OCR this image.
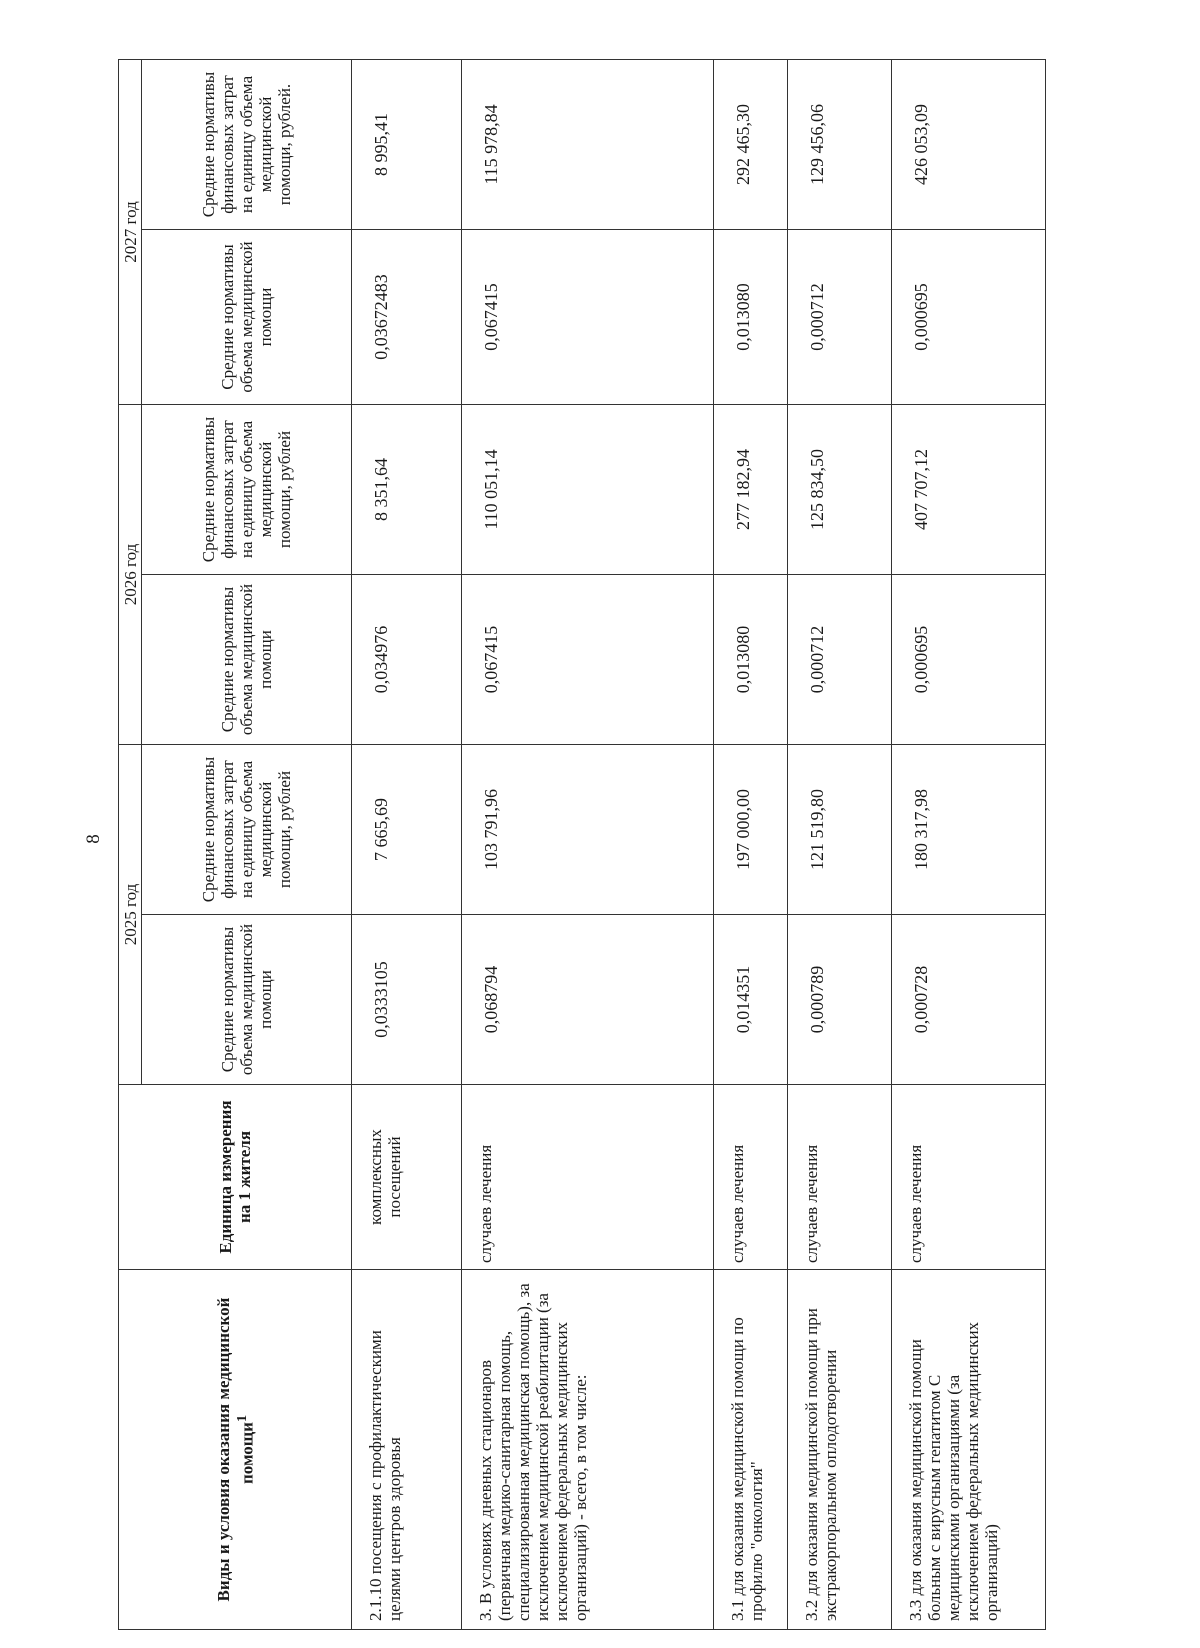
8
Виды и условия оказания медицинской помощи$^1$	Единица измерения на 1 жителя	2025 год		2026 год		2027 год	
		Средние нормативы объема медицинской помощи	Средние нормативы финансовых затрат на единицу объема медицинской помощи, рублей	Средние нормативы объема медицинской помощи	Средние нормативы финансовых затрат на единицу объема медицинской помощи, рублей	Средние нормативы объема медицинской помощи	Средние нормативы финансовых затрат на единицу объема медицинской помощи, рублей.
2.1.10 посещения с профилактическими целями центров здоровья	комплексных посещений	0,0333105	7 665,69	0,034976	8 351,64	0,03672483	8 995,41
3. В условиях дневных стационаров (первичная медико-санитарная помощь, специализированная медицинская помощь), за исключением медицинской реабилитации (за исключением федеральных медицинских организаций) - всего, в том числе:	случаев лечения	0,068794	103 791,96	0,067415	110 051,14	0,067415	115 978,84
3.1 для оказания медицинской помощи по профилю "онкология"	случаев лечения	0,014351	197 000,00	0,013080	277 182,94	0,013080	292 465,30
3.2 для оказания медицинской помощи при экстракорпоральном оплодотворении	случаев лечения	0,000789	121 519,80	0,000712	125 834,50	0,000712	129 456,06
3.3 для оказания медицинской помощи больным с вирусным гепатитом С медицинскими организациями (за исключением федеральных медицинских организаций)	случаев лечения	0,000728	180 317,98	0,000695	407 707,12	0,000695	426 053,09
